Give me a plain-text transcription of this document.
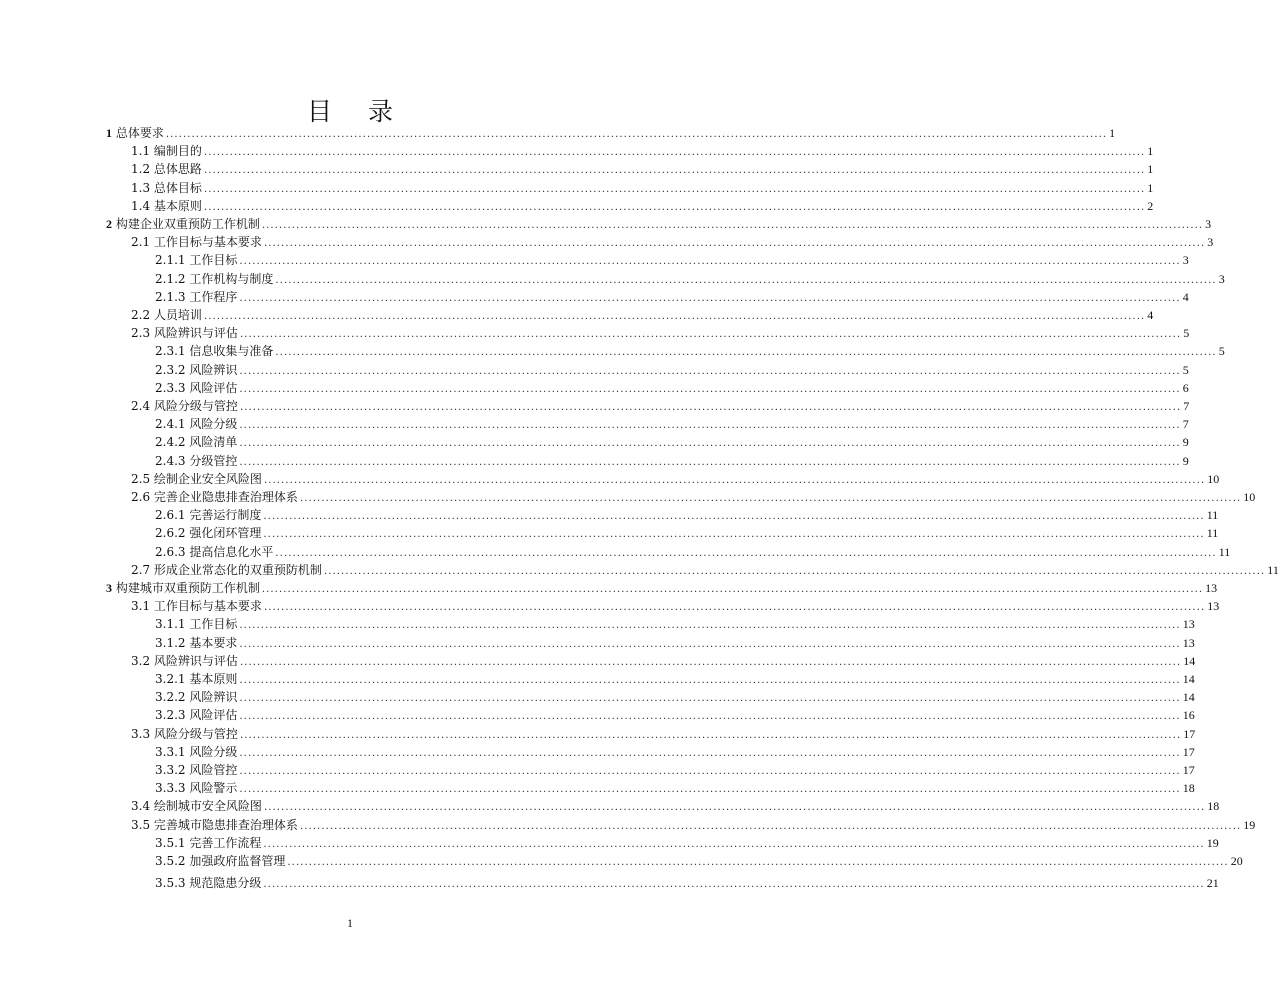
目 录
1 总体要求 ............................................................................................................................................................................................................................ 1
1.1 编制目的 ............................................................................................................................................................................................................................ 1
1.2 总体思路 ............................................................................................................................................................................................................................ 1
1.3 总体目标 ............................................................................................................................................................................................................................ 1
1.4 基本原则 ............................................................................................................................................................................................................................ 2
2 构建企业双重预防工作机制 ............................................................................................................................................................................................................................ 3
2.1 工作目标与基本要求 ............................................................................................................................................................................................................................ 3
2.1.1 工作目标 ............................................................................................................................................................................................................................ 3
2.1.2 工作机构与制度 ............................................................................................................................................................................................................................ 3
2.1.3 工作程序 ............................................................................................................................................................................................................................ 4
2.2 人员培训 ............................................................................................................................................................................................................................ 4
2.3 风险辨识与评估 ............................................................................................................................................................................................................................ 5
2.3.1 信息收集与准备 ............................................................................................................................................................................................................................ 5
2.3.2 风险辨识 ............................................................................................................................................................................................................................ 5
2.3.3 风险评估 ............................................................................................................................................................................................................................ 6
2.4 风险分级与管控 ............................................................................................................................................................................................................................ 7
2.4.1 风险分级 ............................................................................................................................................................................................................................ 7
2.4.2 风险清单 ............................................................................................................................................................................................................................ 9
2.4.3 分级管控 ............................................................................................................................................................................................................................ 9
2.5 绘制企业安全风险图 ............................................................................................................................................................................................................................ 10
2.6 完善企业隐患排查治理体系 ............................................................................................................................................................................................................................ 10
2.6.1 完善运行制度 ............................................................................................................................................................................................................................ 11
2.6.2 强化闭环管理 ............................................................................................................................................................................................................................ 11
2.6.3 提高信息化水平 ............................................................................................................................................................................................................................ 11
2.7 形成企业常态化的双重预防机制 ............................................................................................................................................................................................................................ 11
3 构建城市双重预防工作机制 ............................................................................................................................................................................................................................ 13
3.1 工作目标与基本要求 ............................................................................................................................................................................................................................ 13
3.1.1 工作目标 ............................................................................................................................................................................................................................ 13
3.1.2 基本要求 ............................................................................................................................................................................................................................ 13
3.2 风险辨识与评估 ............................................................................................................................................................................................................................ 14
3.2.1 基本原则 ............................................................................................................................................................................................................................ 14
3.2.2 风险辨识 ............................................................................................................................................................................................................................ 14
3.2.3 风险评估 ............................................................................................................................................................................................................................ 16
3.3 风险分级与管控 ............................................................................................................................................................................................................................ 17
3.3.1 风险分级 ............................................................................................................................................................................................................................ 17
3.3.2 风险管控 ............................................................................................................................................................................................................................ 17
3.3.3 风险警示 ............................................................................................................................................................................................................................ 18
3.4 绘制城市安全风险图 ............................................................................................................................................................................................................................ 18
3.5 完善城市隐患排查治理体系 ............................................................................................................................................................................................................................ 19
3.5.1 完善工作流程 ............................................................................................................................................................................................................................ 19
3.5.2 加强政府监督管理 ............................................................................................................................................................................................................................ 20
3.5.3 规范隐患分级 ............................................................................................................................................................................................................................ 21
1
